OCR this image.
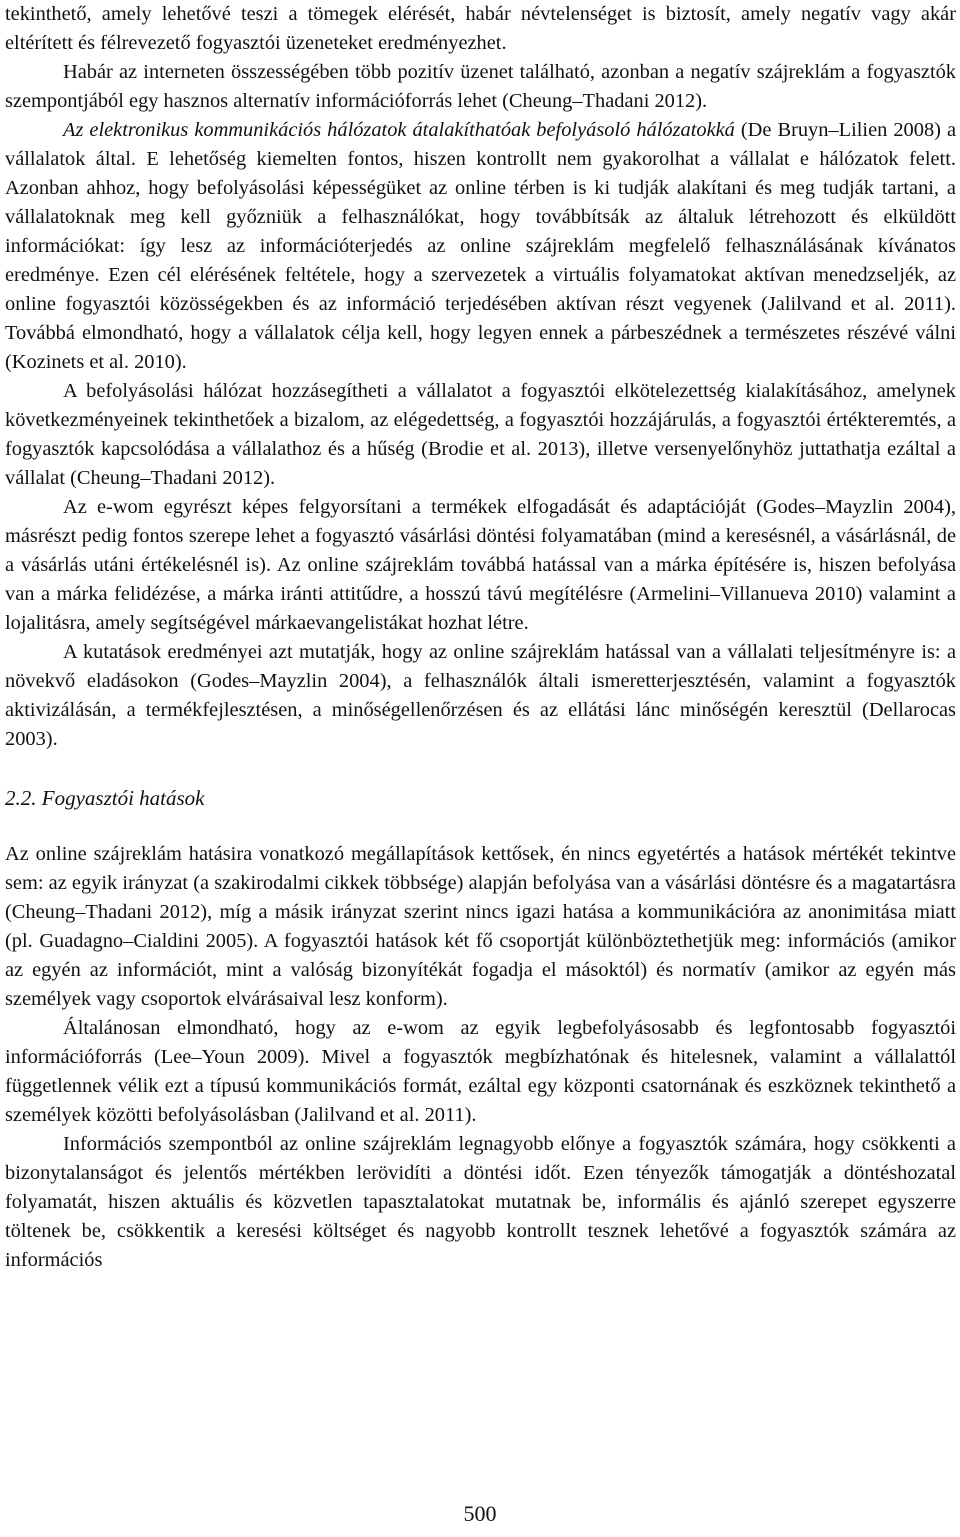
tekinthető, amely lehetővé teszi a tömegek elérését, habár névtelenséget is biztosít, amely negatív vagy akár eltérített és félrevezető fogyasztói üzeneteket eredményezhet.

Habár az interneten összességében több pozitív üzenet található, azonban a negatív szájreklám a fogyasztók szempontjából egy hasznos alternatív információforrás lehet (Cheung–Thadani 2012).

Az elektronikus kommunikációs hálózatok átalakíthatóak befolyásoló hálózatokká (De Bruyn–Lilien 2008) a vállalatok által. E lehetőség kiemelten fontos, hiszen kontrollt nem gyakorolhat a vállalat e hálózatok felett. Azonban ahhoz, hogy befolyásolási képességüket az online térben is ki tudják alakítani és meg tudják tartani, a vállalatoknak meg kell győzniük a felhasználókat, hogy továbbítsák az általuk létrehozott és elküldött információkat: így lesz az információterjedés az online szájreklám megfelelő felhasználásának kívánatos eredménye. Ezen cél elérésének feltétele, hogy a szervezetek a virtuális folyamatokat aktívan menedzseljék, az online fogyasztói közösségekben és az információ terjedésében aktívan részt vegyenek (Jalilvand et al. 2011). Továbbá elmondható, hogy a vállalatok célja kell, hogy legyen ennek a párbeszédnek a természetes részévé válni (Kozinets et al. 2010).

A befolyásolási hálózat hozzásegítheti a vállalatot a fogyasztói elkötelezettség kialakításához, amelynek következményeinek tekinthetőek a bizalom, az elégedettség, a fogyasztói hozzájárulás, a fogyasztói értékteremtés, a fogyasztók kapcsolódása a vállalathoz és a hűség (Brodie et al. 2013), illetve versenyelőnyhöz juttathatja ezáltal a vállalat (Cheung–Thadani 2012).

Az e-wom egyrészt képes felgyorsítani a termékek elfogadását és adaptációját (Godes–Mayzlin 2004), másrészt pedig fontos szerepe lehet a fogyasztó vásárlási döntési folyamatában (mind a keresésnél, a vásárlásnál, de a vásárlás utáni értékelésnél is). Az online szájreklám továbbá hatással van a márka építésére is, hiszen befolyása van a márka felidézése, a márka iránti attitűdre, a hosszú távú megítélésre (Armelini–Villanueva 2010) valamint a lojalitásra, amely segítségével márkaevangelistákat hozhat létre.

A kutatások eredményei azt mutatják, hogy az online szájreklám hatással van a vállalati teljesítményre is: a növekvő eladásokon (Godes–Mayzlin 2004), a felhasználók általi ismeretterjesztésén, valamint a fogyasztók aktivizálásán, a termékfejlesztésen, a minőségellenőrzésen és az ellátási lánc minőségén keresztül (Dellarocas 2003).

2.2. Fogyasztói hatások

Az online szájreklám hatásira vonatkozó megállapítások kettősek, én nincs egyetértés a hatások mértékét tekintve sem: az egyik irányzat (a szakirodalmi cikkek többsége) alapján befolyása van a vásárlási döntésre és a magatartásra (Cheung–Thadani 2012), míg a másik irányzat szerint nincs igazi hatása a kommunikációra az anonimitása miatt (pl. Guadagno–Cialdini 2005). A fogyasztói hatások két fő csoportját különböztethetjük meg: információs (amikor az egyén az információt, mint a valóság bizonyítékát fogadja el másoktól) és normatív (amikor az egyén más személyek vagy csoportok elvárásaival lesz konform).

Általánosan elmondható, hogy az e-wom az egyik legbefolyásosabb és legfontosabb fogyasztói információforrás (Lee–Youn 2009). Mivel a fogyasztók megbízhatónak és hitelesnek, valamint a vállalattól függetlennek vélik ezt a típusú kommunikációs formát, ezáltal egy központi csatornának és eszköznek tekinthető a személyek közötti befolyásolásban (Jalilvand et al. 2011).

Információs szempontból az online szájreklám legnagyobb előnye a fogyasztók számára, hogy csökkenti a bizonytalanságot és jelentős mértékben lerövidíti a döntési időt. Ezen tényezők támogatják a döntéshozatal folyamatát, hiszen aktuális és közvetlen tapasztalatokat mutatnak be, informális és ajánló szerepet egyszerre töltenek be, csökkentik a keresési költséget és nagyobb kontrollt tesznek lehetővé a fogyasztók számára az információs

500
